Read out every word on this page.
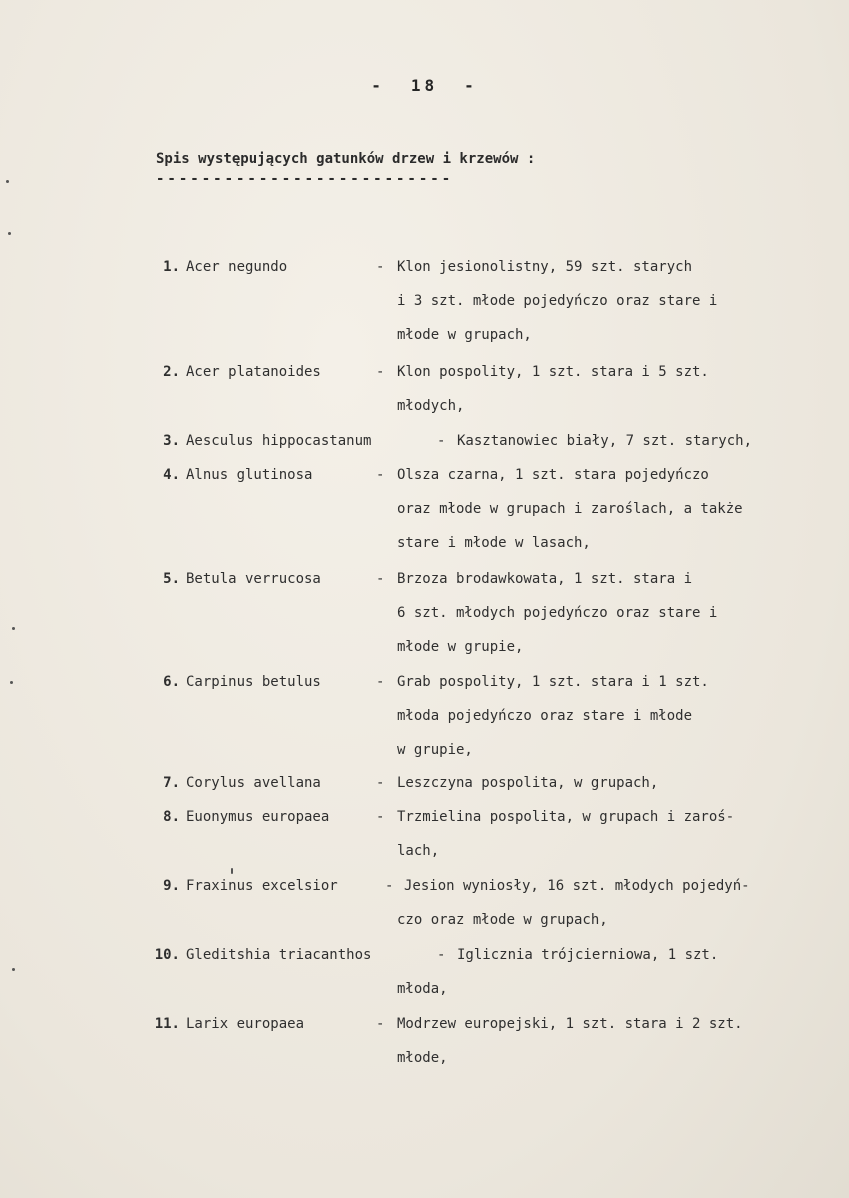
- 18 -
Spis występujących gatunków drzew i krzewów :
--------------------------
1. Acer negundo	- Klon jesionolistny, 59 szt. starych
i 3 szt. młode pojedyńczo oraz stare i
młode w grupach,
2. Acer platanoides	- Klon pospolity, 1 szt. stara i 5 szt.
młodych,
3. Aesculus hippocastanum	- Kasztanowiec biały, 7 szt. starych,
4. Alnus glutinosa	- Olsza czarna, 1 szt. stara pojedyńczo
oraz młode w grupach i zaroślach, a także
stare i młode w lasach,
5. Betula verrucosa	- Brzoza brodawkowata, 1 szt. stara i
6 szt. młodych pojedyńczo oraz stare i
młode w grupie,
6. Carpinus betulus	- Grab pospolity, 1 szt. stara i 1 szt.
młoda pojedyńczo oraz stare i młode
w grupie,
7. Corylus avellana	- Leszczyna pospolita, w grupach,
8. Euonymus europaea	- Trzmielina pospolita, w grupach i zaroś-
lach,
9. Fraxinus excelsior	- Jesion wyniosły, 16 szt. młodych pojedyń-
czo oraz młode w grupach,
10. Gleditshia triacanthos	- Iglicznia trójcierniowa, 1 szt.
młoda,
11. Larix europaea	- Modrzew europejski, 1 szt. stara i 2 szt.
młode,
